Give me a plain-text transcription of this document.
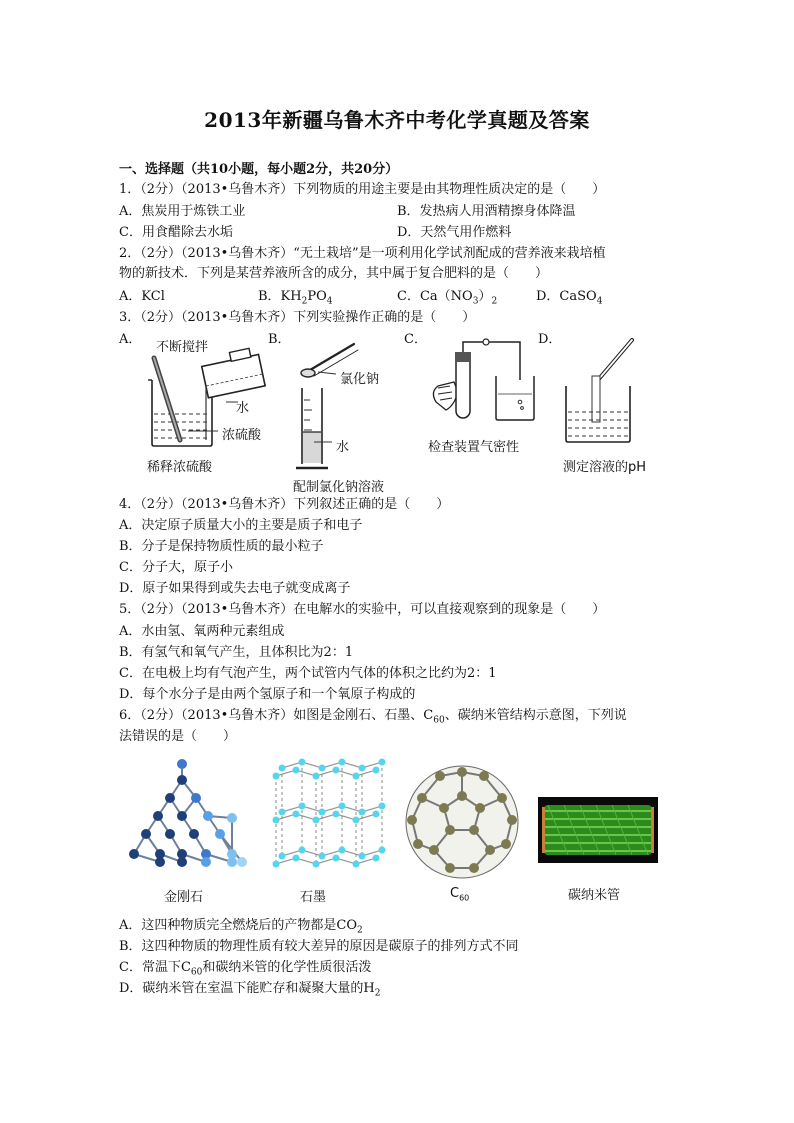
2013年新疆乌鲁木齐中考化学真题及答案
一、选择题（共10小题，每小题2分，共20分）
1．（2分）（2013•乌鲁木齐）下列物质的用途主要是由其物理性质决定的是（　　）
A．焦炭用于炼铁工业	B．发热病人用酒精擦身体降温
C．用食醋除去水垢	D．天然气用作燃料
2．（2分）（2013•乌鲁木齐）“无土栽培”是一项利用化学试剂配成的营养液来栽培植
物的新技术．下列是某营养液所含的成分，其中属于复合肥料的是（　　）
A．KCl	B．$KH_2PO_4$	C．$Ca(NO_3)_2$	D．CaSO$_4$
3．（2分）（2013•乌鲁木齐）下列实验操作正确的是（　　）
A．	B．	C．	D．
不断搅拌
水
浓硫酸
稀释浓硫酸
氯化钠
水
配制氯化钠溶液
检查装置气密性
测定溶液的pH
4．（2分）（2013•乌鲁木齐）下列叙述正确的是（　　）
A．决定原子质量大小的主要是质子和电子
B．分子是保持物质性质的最小粒子
C．分子大，原子小
D．原子如果得到或失去电子就变成离子
5．（2分）（2013•乌鲁木齐）在电解水的实验中，可以直接观察到的现象是（　　）
A．水由氢、氧两种元素组成
B．有氢气和氧气产生，且体积比为2：1
C．在电极上均有气泡产生，两个试管内气体的体积之比约为2：1
D．每个水分子是由两个氢原子和一个氧原子构成的
6．（2分）（2013•乌鲁木齐）如图是金刚石、石墨、$C_{60}$、碳纳米管结构示意图，下列说
法错误的是（　　）
金刚石	石墨	$C_{60}$	碳纳米管
A．这四种物质完全燃烧后的产物都是$CO_2$
B．这四种物质的物理性质有较大差异的原因是碳原子的排列方式不同
C．常温下$C_{60}$和碳纳米管的化学性质很活泼
D．碳纳米管在室温下能贮存和凝聚大量的$H_2$
